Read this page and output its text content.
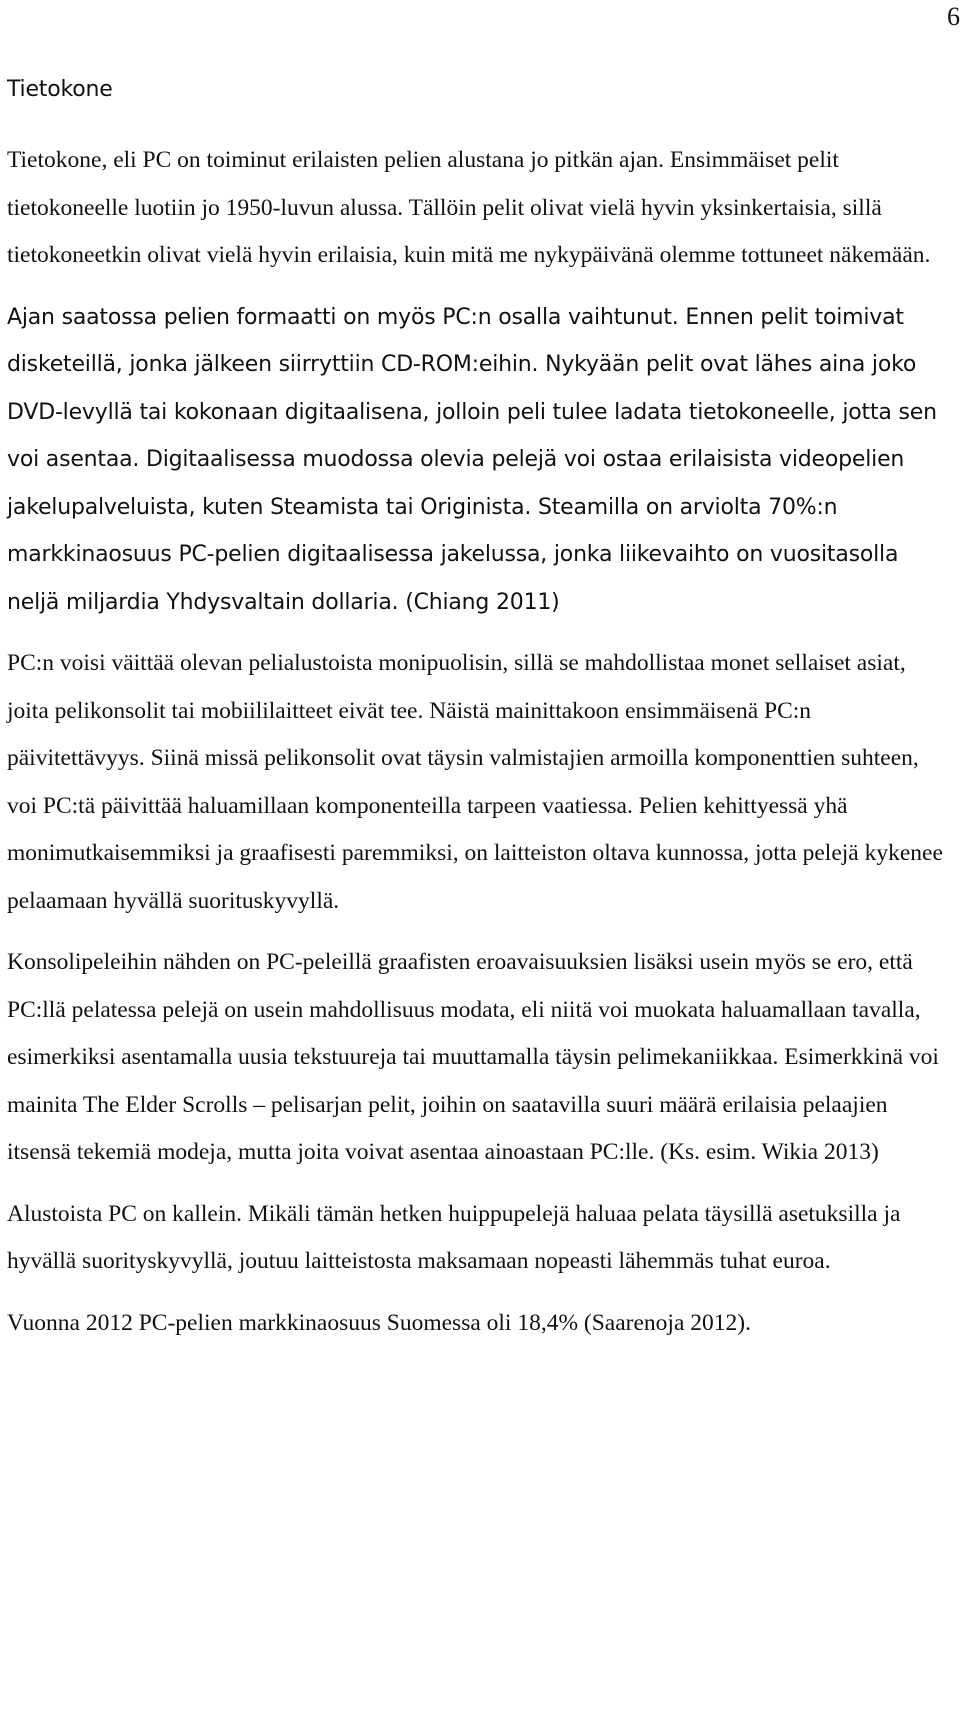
6
Tietokone

Tietokone, eli PC on toiminut erilaisten pelien alustana jo pitkän ajan. Ensimmäiset pelit tietokoneelle luotiin jo 1950-luvun alussa. Tällöin pelit olivat vielä hyvin yksinkertaisia, sillä tietokoneetkin olivat vielä hyvin erilaisia, kuin mitä me nykypäivänä olemme tottuneet näkemään.

Ajan saatossa pelien formaatti on myös PC:n osalla vaihtunut. Ennen pelit toimivat disketeillä, jonka jälkeen siirryttiin CD-ROM:eihin. Nykyään pelit ovat lähes aina joko DVD-levyllä tai kokonaan digitaalisena, jolloin peli tulee ladata tietokoneelle, jotta sen voi asentaa. Digitaalisessa muodossa olevia pelejä voi ostaa erilaisista videopelien jakelupalveluista, kuten Steamista tai Originista. Steamilla on arviolta 70%:n markkinaosuus PC-pelien digitaalisessa jakelussa, jonka liikevaihto on vuositasolla neljä miljardia Yhdysvaltain dollaria. (Chiang 2011)

PC:n voisi väittää olevan pelialustoista monipuolisin, sillä se mahdollistaa monet sellaiset asiat, joita pelikonsolit tai mobiililaitteet eivät tee. Näistä mainittakoon ensimmäisenä PC:n päivitettävyys. Siinä missä pelikonsolit ovat täysin valmistajien armoilla komponenttien suhteen, voi PC:tä päivittää haluamillaan komponenteilla tarpeen vaatiessa. Pelien kehittyessä yhä monimutkaisemmiksi ja graafisesti paremmiksi, on laitteiston oltava kunnossa, jotta pelejä kykenee pelaamaan hyvällä suorituskyvyllä.

Konsolipeleihin nähden on PC-peleillä graafisten eroavaisuuksien lisäksi usein myös se ero, että PC:llä pelatessa pelejä on usein mahdollisuus modata, eli niitä voi muokata haluamallaan tavalla, esimerkiksi asentamalla uusia tekstuureja tai muuttamalla täysin pelimekaniikkaa. Esimerkkinä voi mainita The Elder Scrolls – pelisarjan pelit, joihin on saatavilla suuri määrä erilaisia pelaajien itsensä tekemiä modeja, mutta joita voivat asentaa ainoastaan PC:lle. (Ks. esim. Wikia 2013)

Alustoista PC on kallein. Mikäli tämän hetken huippupelejä haluaa pelata täysillä asetuksilla ja hyvällä suorityskyvyllä, joutuu laitteistosta maksamaan nopeasti lähemmäs tuhat euroa.

Vuonna 2012 PC-pelien markkinaosuus Suomessa oli 18,4% (Saarenoja 2012).
